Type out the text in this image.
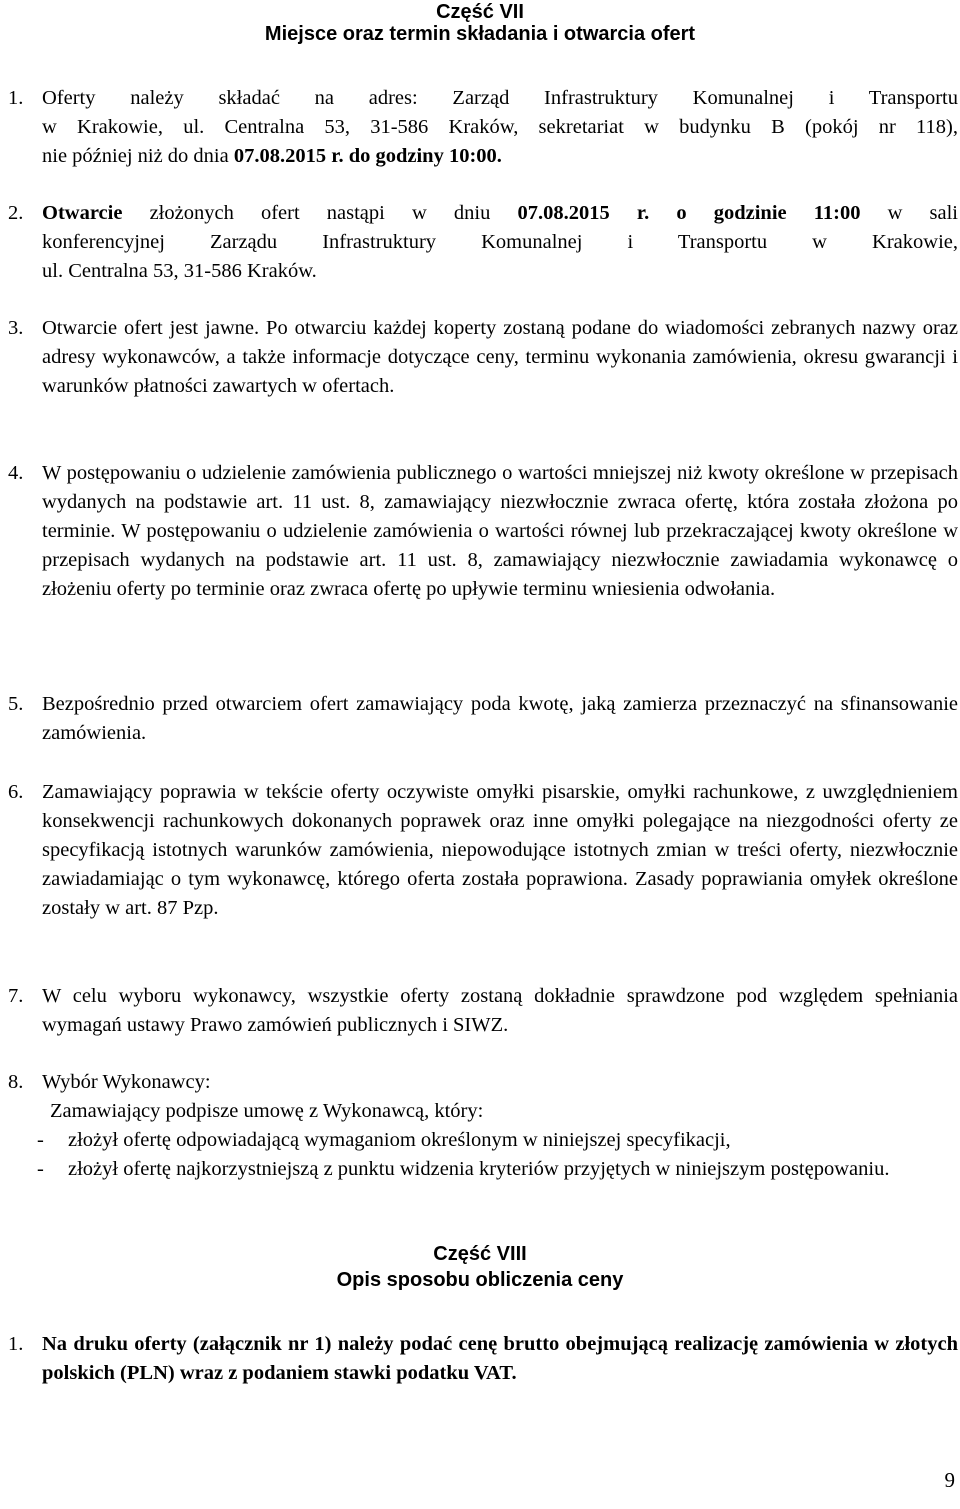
Część VII
Miejsce oraz termin składania i otwarcia ofert
1. Oferty należy składać na adres: Zarząd Infrastruktury Komunalnej i Transportu
w Krakowie, ul. Centralna 53, 31-586 Kraków, sekretariat w budynku B (pokój nr 118),
nie później niż do dnia 07.08.2015 r. do godziny 10:00.
2. Otwarcie złożonych ofert nastąpi w dniu 07.08.2015 r. o godzinie 11:00 w sali
konferencyjnej Zarządu Infrastruktury Komunalnej i Transportu w Krakowie,
ul. Centralna 53, 31-586 Kraków.
3. Otwarcie ofert jest jawne. Po otwarciu każdej koperty zostaną podane do wiadomości zebranych nazwy oraz adresy wykonawców, a także informacje dotyczące ceny, terminu wykonania zamówienia, okresu gwarancji i warunków płatności zawartych w ofertach.
4. W postępowaniu o udzielenie zamówienia publicznego o wartości mniejszej niż kwoty określone w przepisach wydanych na podstawie art. 11 ust. 8, zamawiający niezwłocznie zwraca ofertę, która została złożona po terminie. W postępowaniu o udzielenie zamówienia o wartości równej lub przekraczającej kwoty określone w przepisach wydanych na podstawie art. 11 ust. 8, zamawiający niezwłocznie zawiadamia wykonawcę o złożeniu oferty po terminie oraz zwraca ofertę po upływie terminu wniesienia odwołania.
5. Bezpośrednio przed otwarciem ofert zamawiający poda kwotę, jaką zamierza przeznaczyć na sfinansowanie zamówienia.
6. Zamawiający poprawia w tekście oferty oczywiste omyłki pisarskie, omyłki rachunkowe, z uwzględnieniem konsekwencji rachunkowych dokonanych poprawek oraz inne omyłki polegające na niezgodności oferty ze specyfikacją istotnych warunków zamówienia, niepowodujące istotnych zmian w treści oferty, niezwłocznie zawiadamiając o tym wykonawcę, którego oferta została poprawiona. Zasady poprawiania omyłek określone zostały w art. 87 Pzp.
7. W celu wyboru wykonawcy, wszystkie oferty zostaną dokładnie sprawdzone pod względem spełniania wymagań ustawy Prawo zamówień publicznych i SIWZ.
8. Wybór Wykonawcy:
Zamawiający podpisze umowę z Wykonawcą, który:
- złożył ofertę odpowiadającą wymaganiom określonym w niniejszej specyfikacji,
-	złożył ofertę najkorzystniejszą z punktu widzenia kryteriów przyjętych w niniejszym postępowaniu.
Część VIII
Opis sposobu obliczenia ceny
1. Na druku oferty (załącznik nr 1) należy podać cenę brutto obejmującą realizację zamówienia w złotych polskich (PLN) wraz z podaniem stawki podatku VAT.
9
